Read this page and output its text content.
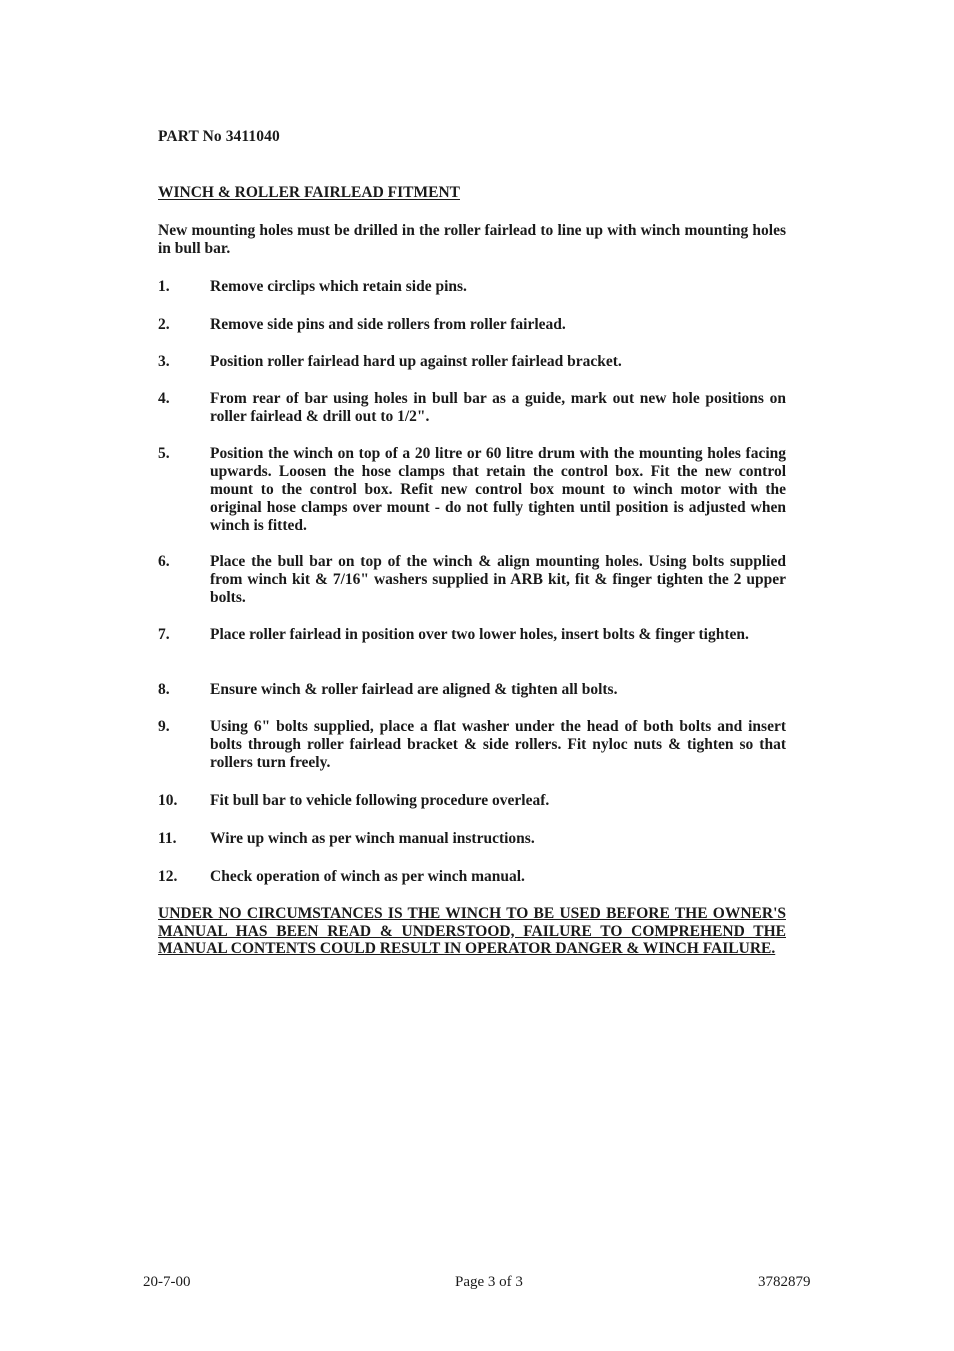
PART No 3411040
WINCH & ROLLER FAIRLEAD FITMENT
New mounting holes must be drilled in the roller fairlead to line up with winch mounting holes in bull bar.
1.	Remove circlips which retain side pins.
2.	Remove side pins and side rollers from roller fairlead.
3.	Position roller fairlead hard up against roller fairlead bracket.
4.	From rear of bar using holes in bull bar as a guide, mark out new hole positions on roller fairlead & drill out to 1/2".
5.	Position the winch on top of a 20 litre or 60 litre drum with the mounting holes facing upwards. Loosen the hose clamps that retain the control box. Fit the new control mount to the control box. Refit new control box mount to winch motor with the original hose clamps over mount - do not fully tighten until position is adjusted when winch is fitted.
6.	Place the bull bar on top of the winch & align mounting holes. Using bolts supplied from winch kit & 7/16" washers supplied in ARB kit, fit & finger tighten the 2 upper bolts.
7.	Place roller fairlead in position over two lower holes, insert bolts & finger tighten.
8.	Ensure winch & roller fairlead are aligned & tighten all bolts.
9.	Using 6" bolts supplied, place a flat washer under the head of both bolts and insert bolts through roller fairlead bracket & side rollers. Fit nyloc nuts & tighten so that rollers turn freely.
10.	Fit bull bar to vehicle following procedure overleaf.
11.	Wire up winch as per winch manual instructions.
12.	Check operation of winch as per winch manual.
UNDER NO CIRCUMSTANCES IS THE WINCH TO BE USED BEFORE THE OWNER'S MANUAL HAS BEEN READ & UNDERSTOOD, FAILURE TO COMPREHEND THE MANUAL CONTENTS COULD RESULT IN OPERATOR DANGER & WINCH FAILURE.
20-7-00	Page 3 of 3	3782879
